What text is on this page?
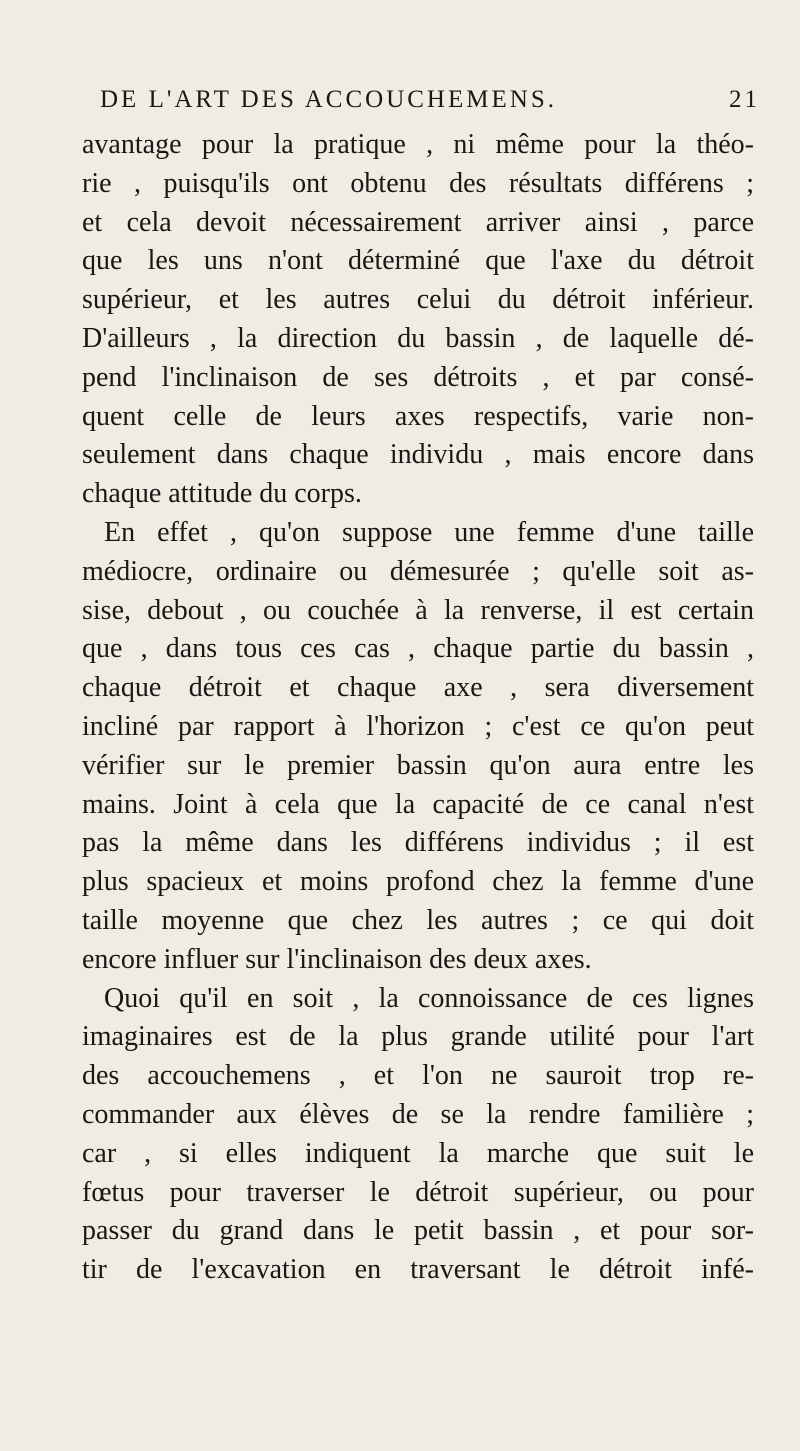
DE L'ART DES ACCOUCHEMENS.	21
avantage pour la pratique , ni même pour la théo-
rie , puisqu'ils ont obtenu des résultats différens ;
et cela devoit nécessairement arriver ainsi , parce
que les uns n'ont déterminé que l'axe du détroit
supérieur, et les autres celui du détroit inférieur.
D'ailleurs , la direction du bassin , de laquelle dé-
pend l'inclinaison de ses détroits , et par consé-
quent celle de leurs axes respectifs, varie non-
seulement dans chaque individu , mais encore dans
chaque attitude du corps.
En effet , qu'on suppose une femme d'une taille
médiocre, ordinaire ou démesurée ; qu'elle soit as-
sise, debout , ou couchée à la renverse, il est certain
que , dans tous ces cas , chaque partie du bassin ,
chaque détroit et chaque axe , sera diversement
incliné par rapport à l'horizon ; c'est ce qu'on peut
vérifier sur le premier bassin qu'on aura entre les
mains. Joint à cela que la capacité de ce canal n'est
pas la même dans les différens individus ; il est
plus spacieux et moins profond chez la femme d'une
taille moyenne que chez les autres ; ce qui doit
encore influer sur l'inclinaison des deux axes.
Quoi qu'il en soit , la connoissance de ces lignes
imaginaires est de la plus grande utilité pour l'art
des accouchemens , et l'on ne sauroit trop re-
commander aux élèves de se la rendre familière ;
car , si elles indiquent la marche que suit le
fœtus pour traverser le détroit supérieur, ou pour
passer du grand dans le petit bassin , et pour sor-
tir de l'excavation en traversant le détroit infé-
